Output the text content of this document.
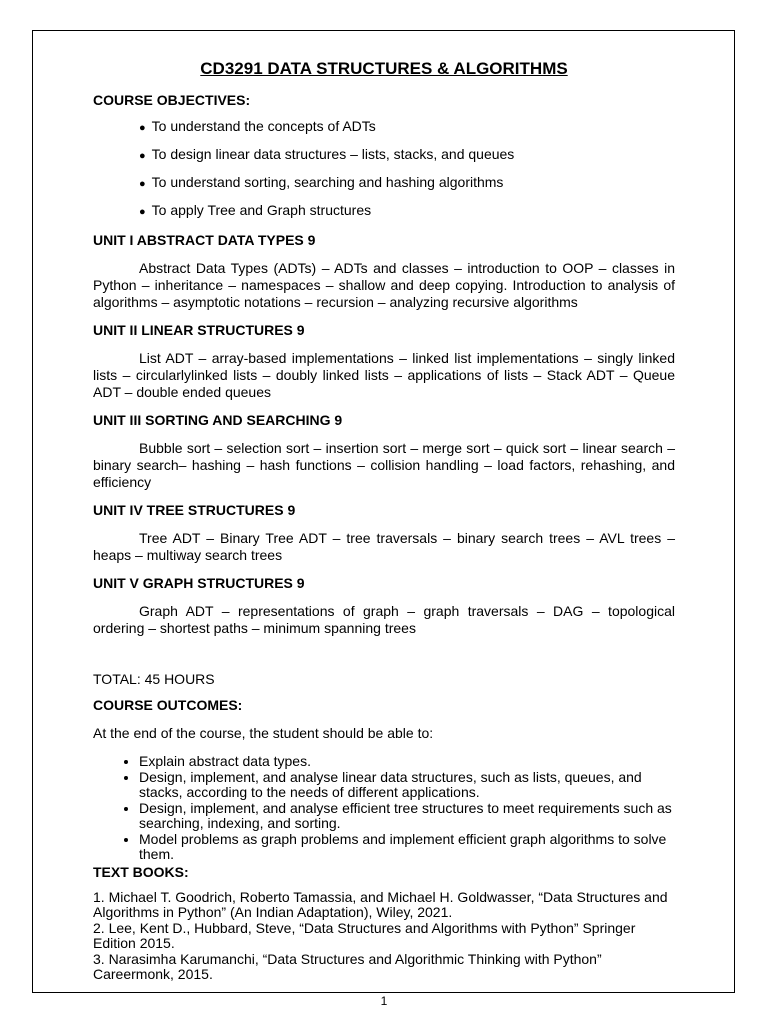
CD3291 DATA STRUCTURES & ALGORITHMS

COURSE OBJECTIVES:

● To understand the concepts of ADTs
● To design linear data structures – lists, stacks, and queues
● To understand sorting, searching and hashing algorithms
● To apply Tree and Graph structures

UNIT I ABSTRACT DATA TYPES 9

Abstract Data Types (ADTs) – ADTs and classes – introduction to OOP – classes in Python – inheritance – namespaces – shallow and deep copying. Introduction to analysis of algorithms – asymptotic notations – recursion – analyzing recursive algorithms

UNIT II LINEAR STRUCTURES 9

List ADT – array-based implementations – linked list implementations – singly linked lists – circularlylinked lists – doubly linked lists – applications of lists – Stack ADT – Queue ADT – double ended queues

UNIT III SORTING AND SEARCHING 9

Bubble sort – selection sort – insertion sort – merge sort – quick sort – linear search – binary search– hashing – hash functions – collision handling – load factors, rehashing, and efficiency

UNIT IV TREE STRUCTURES 9

Tree ADT – Binary Tree ADT – tree traversals – binary search trees – AVL trees – heaps – multiway search trees

UNIT V GRAPH STRUCTURES 9

Graph ADT – representations of graph – graph traversals – DAG – topological ordering – shortest paths – minimum spanning trees

TOTAL: 45 HOURS

COURSE OUTCOMES:

At the end of the course, the student should be able to:

• Explain abstract data types.
• Design, implement, and analyse linear data structures, such as lists, queues, and stacks, according to the needs of different applications.
• Design, implement, and analyse efficient tree structures to meet requirements such as searching, indexing, and sorting.
• Model problems as graph problems and implement efficient graph algorithms to solve them.

TEXT BOOKS:

1. Michael T. Goodrich, Roberto Tamassia, and Michael H. Goldwasser, “Data Structures and Algorithms in Python” (An Indian Adaptation), Wiley, 2021.

2. Lee, Kent D., Hubbard, Steve, “Data Structures and Algorithms with Python” Springer Edition 2015.

3. Narasimha Karumanchi, “Data Structures and Algorithmic Thinking with Python” Careermonk, 2015.

1
